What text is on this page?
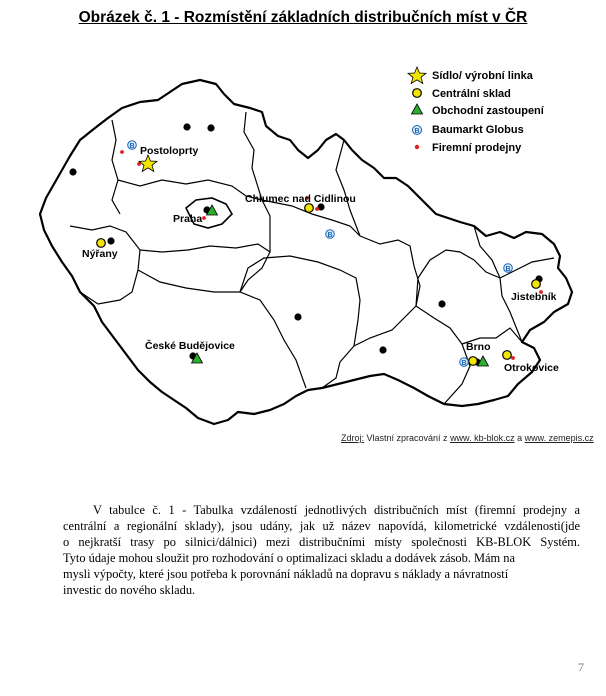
Obrázek č. 1 - Rozmístění základních distribučních míst v ČR
Sídlo/ výrobní linka
Centrální sklad
Obchodní zastoupení
B Baumarkt Globus
Firemní prodejny
B
B
B
B
Postoloprty
Chlumec nad Cidlinou
Praha
Nýřany
Jistebník
České Budějovice	Brno
Otrokovice
Zdroj: Vlastní zpracování z www. kb-blok.cz a www. zemepis.cz
V tabulce č. 1 - Tabulka vzdáleností jednotlivých distribučních míst (firemní prodejny a
centrální a regionální sklady), jsou udány, jak už název napovídá, kilometrické vzdálenosti(jde
o nejkratší trasy po silnici/dálnici) mezi distribučními místy společnosti KB-BLOK Systém.
Tyto údaje mohou sloužit pro rozhodování o optimalizaci skladu a dodávek zásob. Mám na
mysli výpočty, které jsou potřeba k porovnání nákladů na dopravu s náklady a návratností
investic do nového skladu.
7
